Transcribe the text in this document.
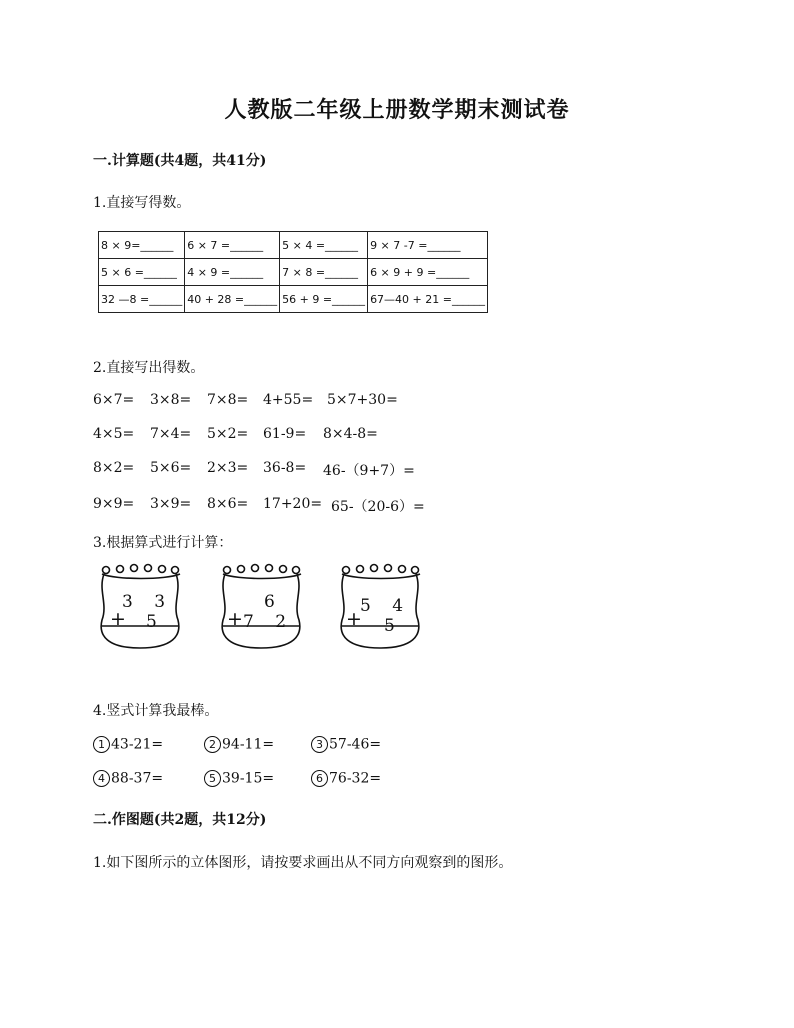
人教版二年级上册数学期末测试卷
一.计算题(共4题，共41分)
1.直接写得数。
8 × 9=______	6 × 7 =______	5 × 4 =______	9 × 7 -7 =______
5 × 6 =______	4 × 9 =______	7 × 8 =______	6 × 9 + 9 =______
32 —8 =______	40 + 28 =______	56 + 9 =______	67—40 + 21 =______
2.直接写出得数。
6×7= 3×8= 7×8= 4+55= 5×7+30=
4×5= 7×4= 5×2= 61-9= 8×4-8=
8×2= 5×6= 2×3= 36-8= 46-（9+7）=
9×9= 3×9= 8×6= 17+20= 65-（20-6）=
3.根据算式进行计算：
3 3
+ 5
6
+ 7 2
5 4
+ 5
4.竖式计算我最棒。
1 43-21=	2 94-11=	3 57-46=
4 88-37=	5 39-15=	6 76-32=
二.作图题(共2题，共12分)
1.如下图所示的立体图形，请按要求画出从不同方向观察到的图形。
